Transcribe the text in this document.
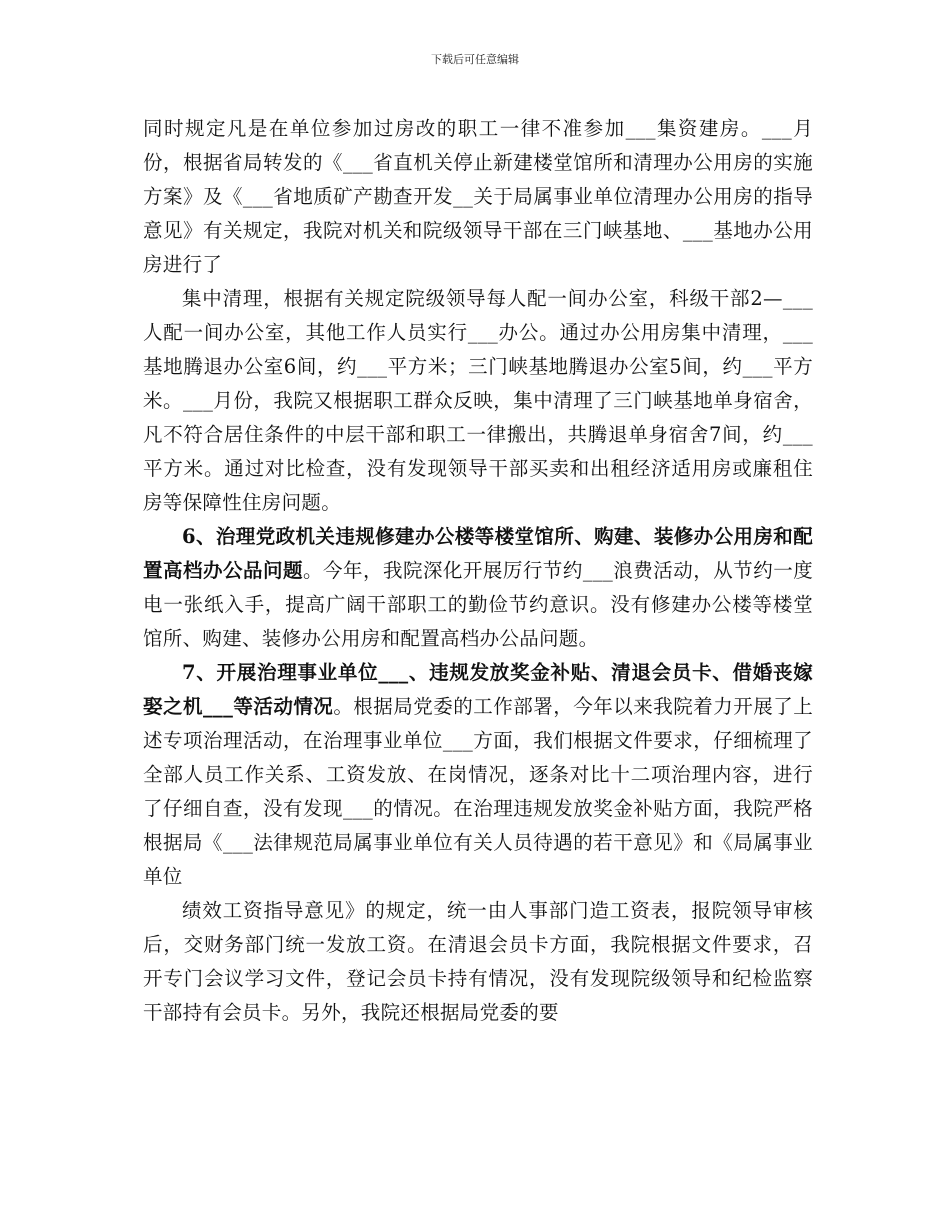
下载后可任意编辑

同时规定凡是在单位参加过房改的职工一律不准参加___集资建房。___月份，根据省局转发的《___省直机关停止新建楼堂馆所和清理办公用房的实施方案》及《___省地质矿产勘查开发__关于局属事业单位清理办公用房的指导意见》有关规定，我院对机关和院级领导干部在三门峡基地、___基地办公用房进行了

集中清理，根据有关规定院级领导每人配一间办公室，科级干部2—___人配一间办公室，其他工作人员实行___办公。通过办公用房集中清理，___基地腾退办公室6间，约___平方米；三门峡基地腾退办公室5间，约___平方米。___月份，我院又根据职工群众反映，集中清理了三门峡基地单身宿舍，凡不符合居住条件的中层干部和职工一律搬出，共腾退单身宿舍7间，约___平方米。通过对比检查，没有发现领导干部买卖和出租经济适用房或廉租住房等保障性住房问题。

6、治理党政机关违规修建办公楼等楼堂馆所、购建、装修办公用房和配置高档办公品问题。今年，我院深化开展厉行节约___浪费活动，从节约一度电一张纸入手，提高广阔干部职工的勤俭节约意识。没有修建办公楼等楼堂馆所、购建、装修办公用房和配置高档办公品问题。

7、开展治理事业单位___、违规发放奖金补贴、清退会员卡、借婚丧嫁娶之机___等活动情况。根据局党委的工作部署，今年以来我院着力开展了上述专项治理活动，在治理事业单位___方面，我们根据文件要求，仔细梳理了全部人员工作关系、工资发放、在岗情况，逐条对比十二项治理内容，进行了仔细自查，没有发现___的情况。在治理违规发放奖金补贴方面，我院严格根据局《___法律规范局属事业单位有关人员待遇的若干意见》和《局属事业单位

绩效工资指导意见》的规定，统一由人事部门造工资表，报院领导审核后，交财务部门统一发放工资。在清退会员卡方面，我院根据文件要求，召开专门会议学习文件，登记会员卡持有情况，没有发现院级领导和纪检监察干部持有会员卡。另外，我院还根据局党委的要
